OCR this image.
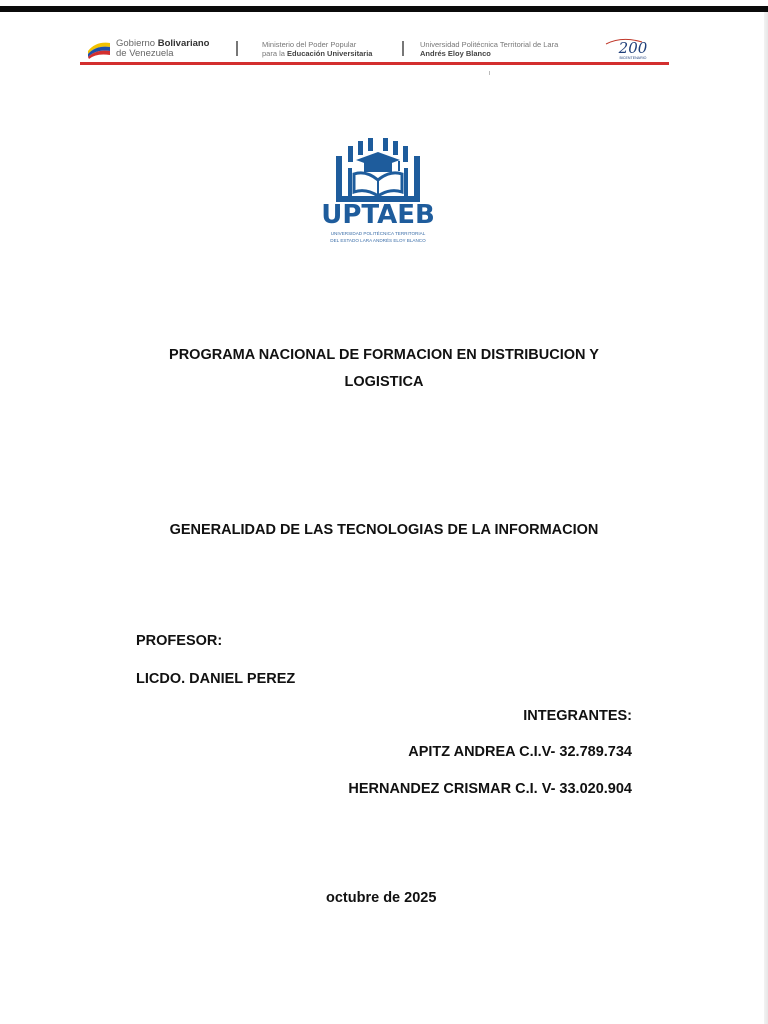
Gobierno Bolivariano
de Venezuela
Ministerio del Poder Popular
para la Educación Universitaria
Universidad Politécnica Territorial de Lara
Andrés Eloy Blanco	200
BICENTENARIO
UPTAEB
UNIVERSIDAD POLITÉCNICA TERRITORIAL
DEL ESTADO LARA ANDRÉS ELOY BLANCO
PROGRAMA NACIONAL DE FORMACION EN DISTRIBUCION Y
LOGISTICA
GENERALIDAD DE LAS TECNOLOGIAS DE LA INFORMACION
PROFESOR:
LICDO. DANIEL PEREZ
INTEGRANTES:
APITZ ANDREA C.I.V- 32.789.734
HERNANDEZ CRISMAR C.I. V- 33.020.904
octubre de 2025
